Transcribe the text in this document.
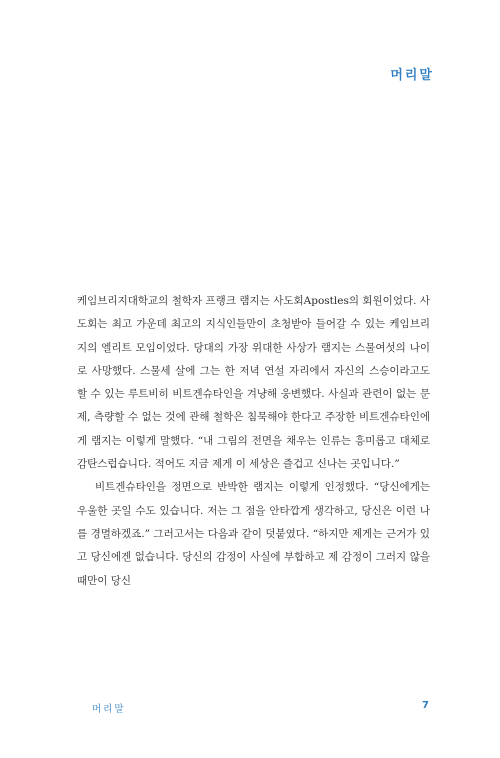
머리말

케임브리지대학교의 철학자 프랭크 램지는 사도회Apostles의 회원이었다. 사도회는 최고 가운데 최고의 지식인들만이 초청받아 들어갈 수 있는 케임브리지의 엘리트 모임이었다. 당대의 가장 위대한 사상가 램지는 스물여섯의 나이로 사망했다. 스물세 살에 그는 한 저녁 연설 자리에서 자신의 스승이라고도 할 수 있는 루트비히 비트겐슈타인을 겨냥해 웅변했다. 사실과 관련이 없는 문제, 측량할 수 없는 것에 관해 철학은 침묵해야 한다고 주장한 비트겐슈타인에게 램지는 이렇게 말했다. “내 그림의 전면을 채우는 인류는 흥미롭고 대체로 감탄스럽습니다. 적어도 지금 제게 이 세상은 즐겁고 신나는 곳입니다.”

비트겐슈타인을 정면으로 반박한 램지는 이렇게 인정했다. “당신에게는 우울한 곳일 수도 있습니다. 저는 그 점을 안타깝게 생각하고, 당신은 이런 나를 경멸하겠죠.” 그러고서는 다음과 같이 덧붙였다. “하지만 제게는 근거가 있고 당신에겐 없습니다. 당신의 감정이 사실에 부합하고 제 감정이 그러지 않을 때만이 당신

머리말	7
